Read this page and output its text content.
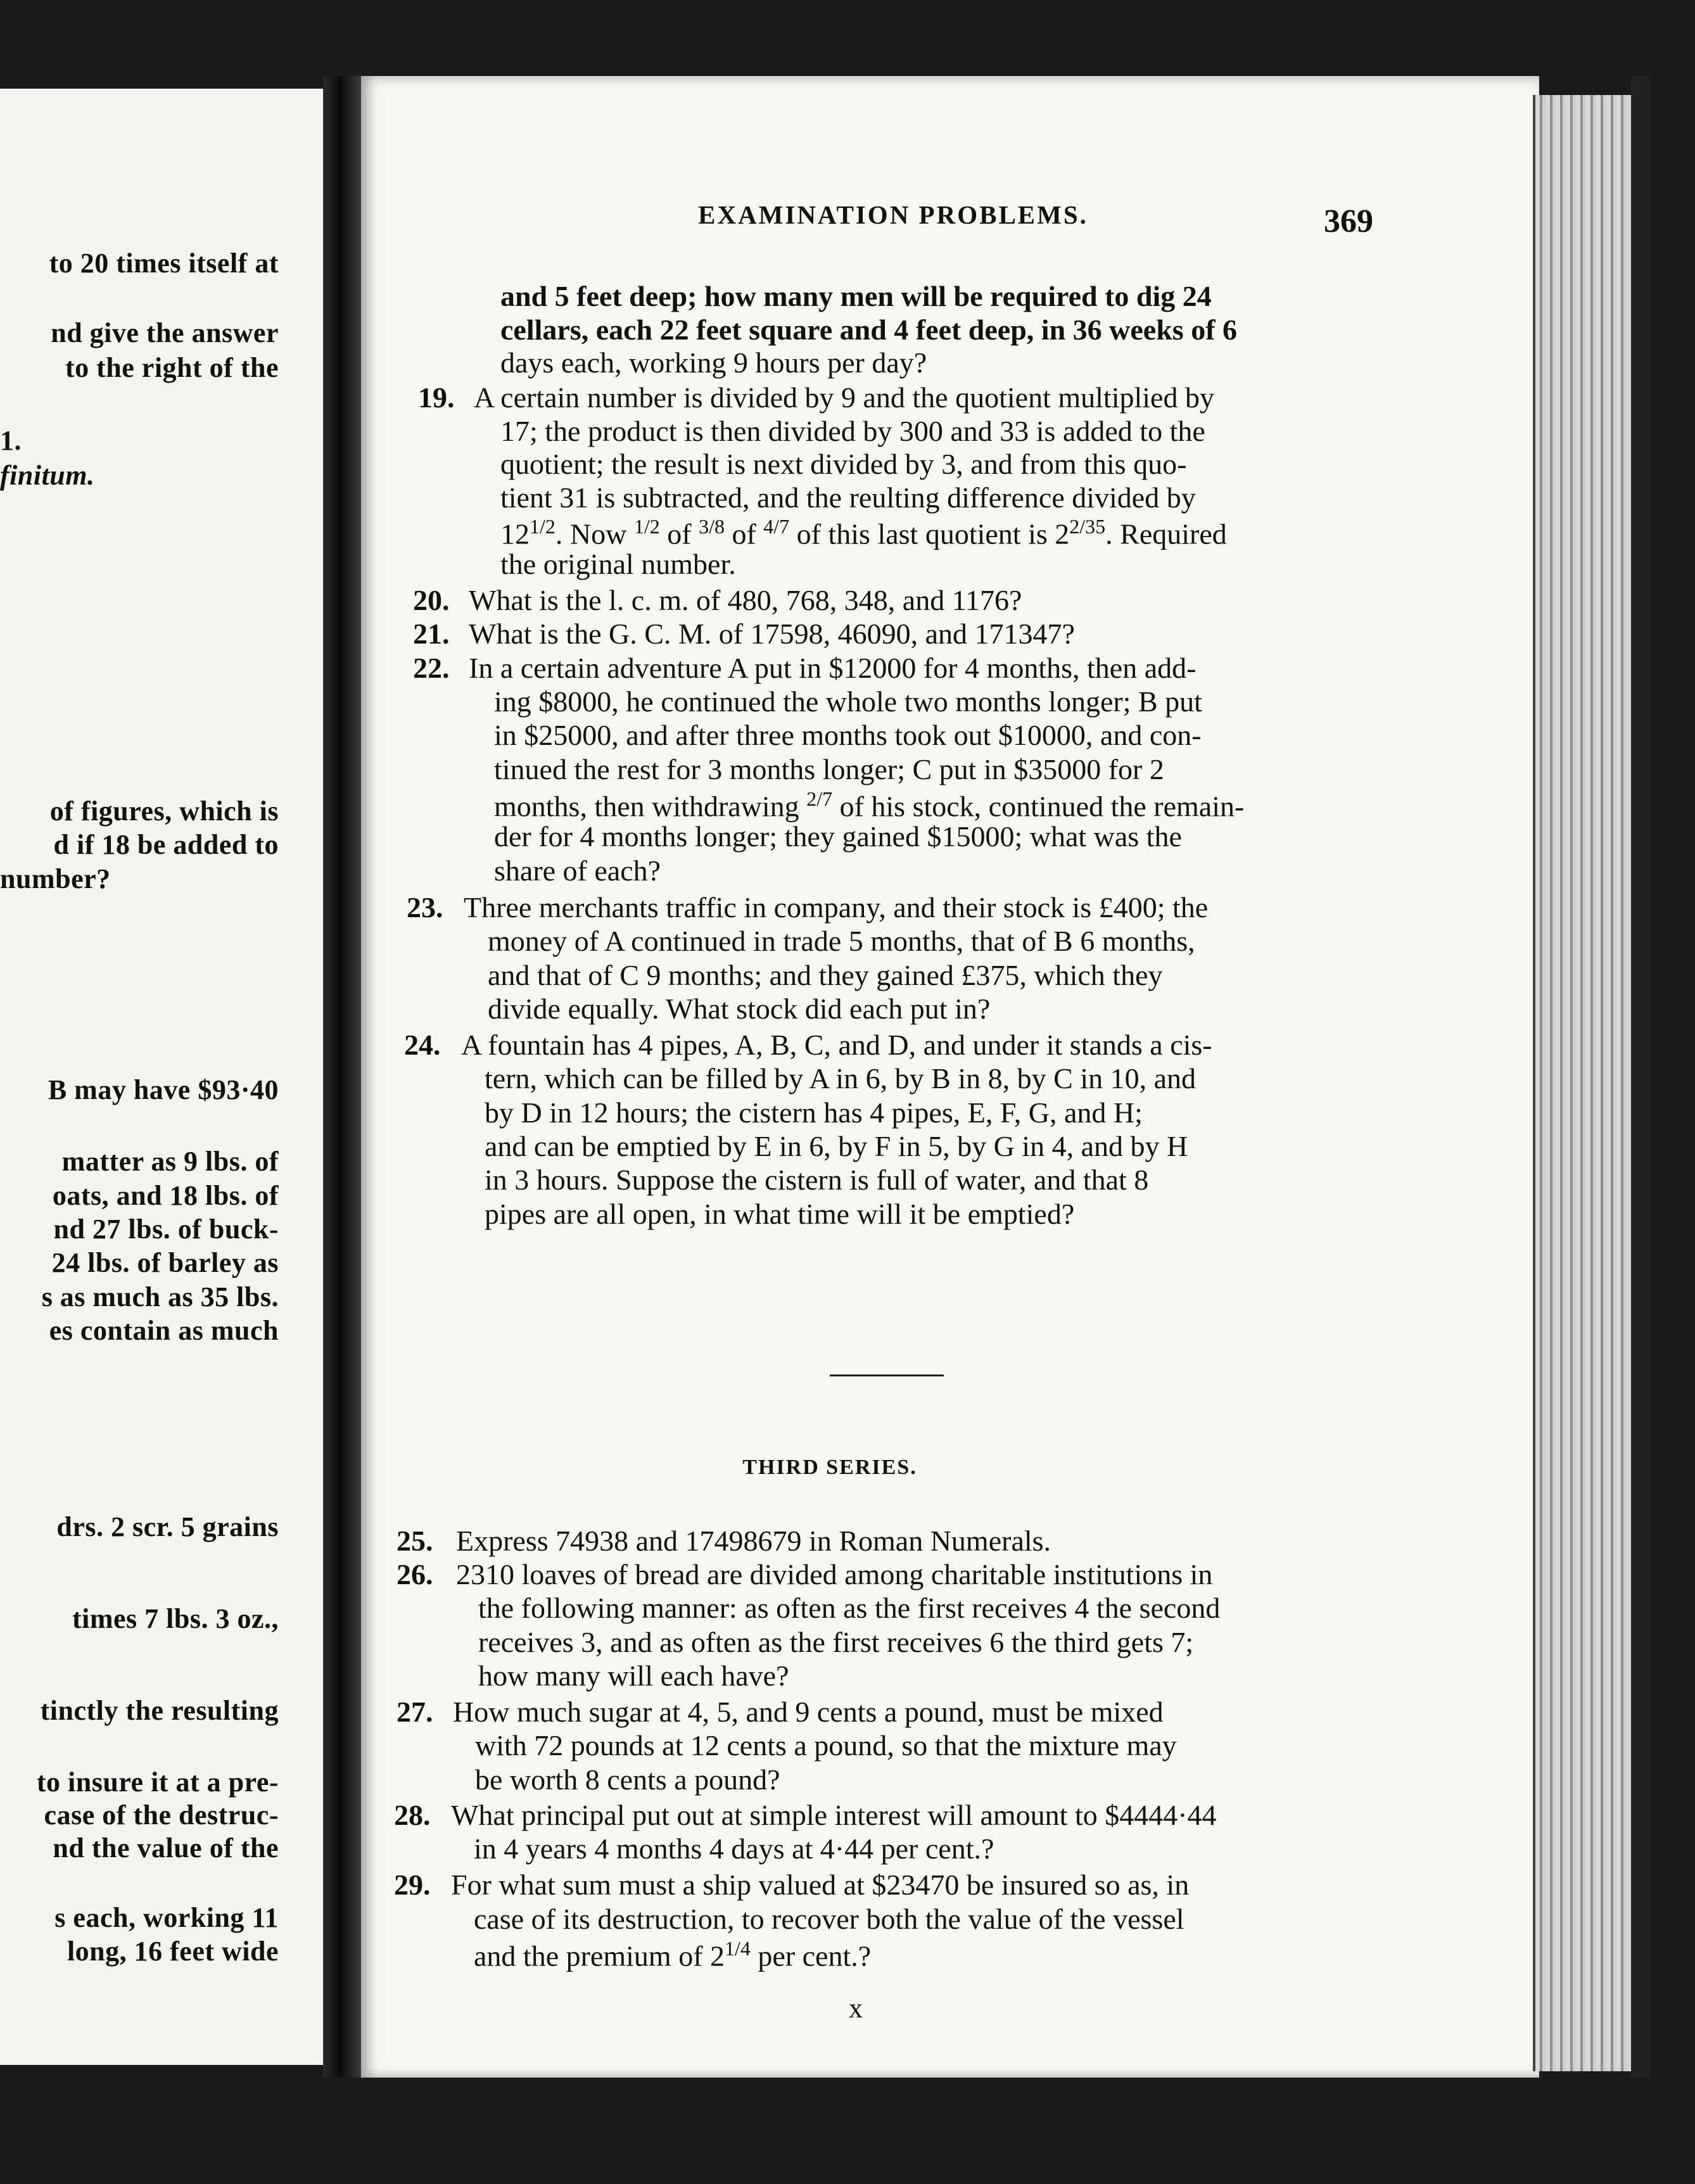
to 20 times itself at
nd give the answer
to the right of the
1.
finitum.
of figures, which is
d if 18 be added to
number?
B may have $93·40
matter as 9 lbs. of
oats, and 18 lbs. of
nd 27 lbs. of buck-
24 lbs. of barley as
s as much as 35 lbs.
es contain as much
drs. 2 scr. 5 grains
times 7 lbs. 3 oz.,
tinctly the resulting
to insure it at a pre-
case of the destruc-
nd the value of the
s each, working 11
long, 16 feet wide
EXAMINATION PROBLEMS.	369
and 5 feet deep; how many men will be required to dig 24
cellars, each 22 feet square and 4 feet deep, in 36 weeks of 6
days each, working 9 hours per day?
19. A certain number is divided by 9 and the quotient multiplied by
17; the product is then divided by 300 and 33 is added to the
quotient; the result is next divided by 3, and from this quo-
tient 31 is subtracted, and the reulting difference divided by
$12^{1/2}$. Now $^{1/2}$ of $^{3/8}$ of $^{4/7}$ of this last quotient is $2^{2/35}$. Required
the original number.
20. What is the l. c. m. of 480, 768, 348, and 1176?
21. What is the G. C. M. of 17598, 46090, and 171347?
22. In a certain adventure A put in $12000 for 4 months, then add-
ing $8000, he continued the whole two months longer; B put
in $25000, and after three months took out $10000, and con-
tinued the rest for 3 months longer; C put in $35000 for 2
months, then withdrawing $^{2/7}$ of his stock, continued the remain-
der for 4 months longer; they gained $15000; what was the
share of each?
23. Three merchants traffic in company, and their stock is £400; the
money of A continued in trade 5 months, that of B 6 months,
and that of C 9 months; and they gained £375, which they
divide equally. What stock did each put in?
24. A fountain has 4 pipes, A, B, C, and D, and under it stands a cis-
tern, which can be filled by A in 6, by B in 8, by C in 10, and
by D in 12 hours; the cistern has 4 pipes, E, F, G, and H;
and can be emptied by E in 6, by F in 5, by G in 4, and by H
in 3 hours. Suppose the cistern is full of water, and that 8
pipes are all open, in what time will it be emptied?
THIRD SERIES.
25. Express 74938 and 17498679 in Roman Numerals.
26. 2310 loaves of bread are divided among charitable institutions in
the following manner: as often as the first receives 4 the second
receives 3, and as often as the first receives 6 the third gets 7;
how many will each have?
27. How much sugar at 4, 5, and 9 cents a pound, must be mixed
with 72 pounds at 12 cents a pound, so that the mixture may
be worth 8 cents a pound?
28. What principal put out at simple interest will amount to $4444·44
in 4 years 4 months 4 days at 4·44 per cent.?
29. For what sum must a ship valued at $23470 be insured so as, in
case of its destruction, to recover both the value of the vessel
and the premium of $2^{1/4}$ per cent.?
x
